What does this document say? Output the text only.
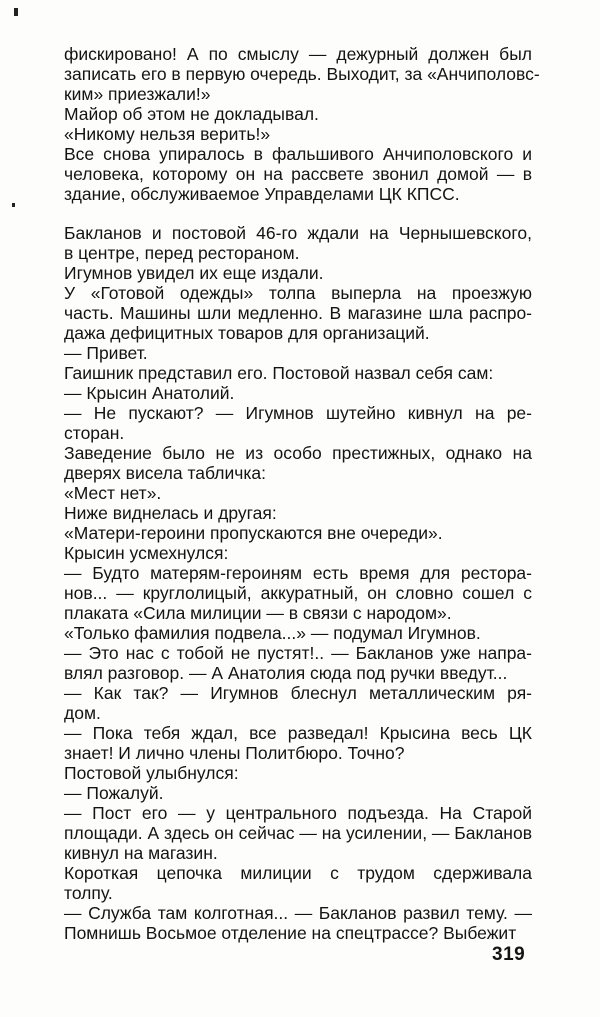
фискировано! А по смыслу — дежурный должен был
записать его в первую очередь. Выходит, за «Анчиполовс-
ким» приезжали!»
Майор об этом не докладывал.
«Никому нельзя верить!»
Все снова упиралось в фальшивого Анчиполовского и
человека, которому он на рассвете звонил домой — в
здание, обслуживаемое Управделами ЦК КПСС.
Бакланов и постовой 46-го ждали на Чернышевского,
в центре, перед рестораном.
Игумнов увидел их еще издали.
У «Готовой одежды» толпа выперла на проезжую
часть. Машины шли медленно. В магазине шла распро-
дажа дефицитных товаров для организаций.
— Привет.
Гаишник представил его. Постовой назвал себя сам:
— Крысин Анатолий.
— Не пускают? — Игумнов шутейно кивнул на ре-
сторан.
Заведение было не из особо престижных, однако на
дверях висела табличка:
«Мест нет».
Ниже виднелась и другая:
«Матери-героини пропускаются вне очереди».
Крысин усмехнулся:
— Будто матерям-героиням есть время для рестора-
нов... — круглолицый, аккуратный, он словно сошел с
плаката «Сила милиции — в связи с народом».
«Только фамилия подвела...» — подумал Игумнов.
— Это нас с тобой не пустят!.. — Бакланов уже напра-
влял разговор. — А Анатолия сюда под ручки введут...
— Как так? — Игумнов блеснул металлическим ря-
дом.
— Пока тебя ждал, все разведал! Крысина весь ЦК
знает! И лично члены Политбюро. Точно?
Постовой улыбнулся:
— Пожалуй.
— Пост его — у центрального подъезда. На Старой
площади. А здесь он сейчас — на усилении, — Бакланов
кивнул на магазин.
Короткая цепочка милиции с трудом сдерживала
толпу.
— Служба там колготная... — Бакланов развил тему. —
Помнишь Восьмое отделение на спецтрассе? Выбежит
319
